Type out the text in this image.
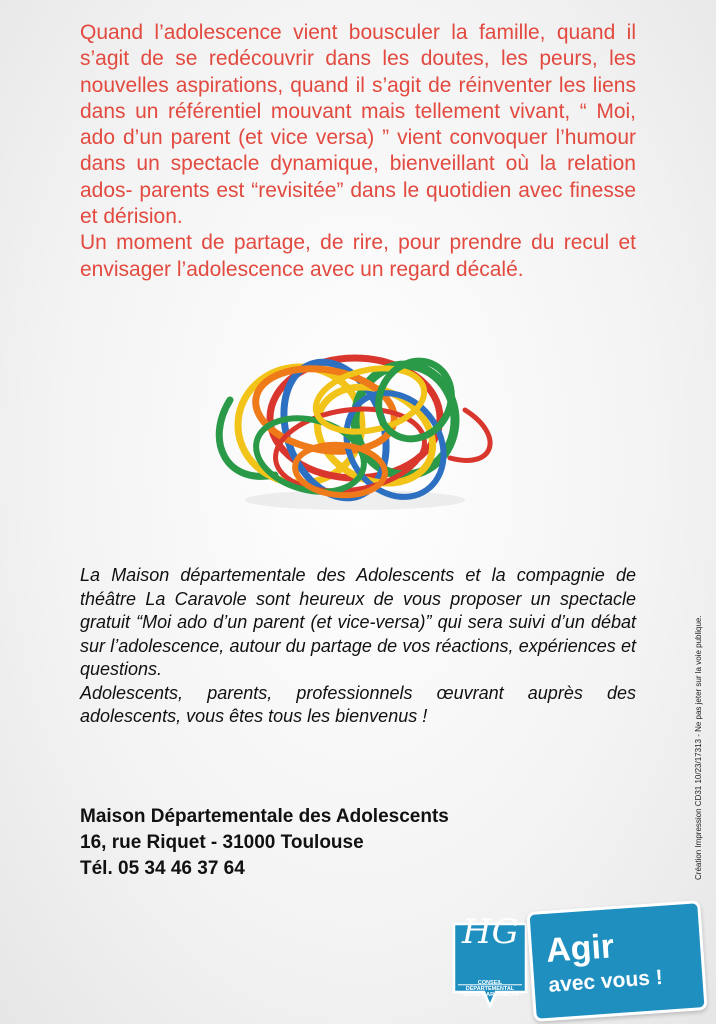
Quand l’adolescence vient bousculer la famille, quand il s’agit de se redécouvrir dans les doutes, les peurs, les nouvelles aspirations, quand il s’agit de réinventer les liens dans un référentiel mouvant mais tellement vivant, “ Moi, ado d’un parent (et vice versa) ” vient convoquer l’humour dans un spectacle dynamique, bienveillant où la relation ados- parents est “revisitée” dans le quotidien avec finesse et dérision.

Un moment de partage, de rire, pour prendre du recul et envisager l’adolescence avec un regard décalé.

La Maison départementale des Adolescents et la compagnie de théâtre La Caravole sont heureux de vous proposer un spectacle gratuit “Moi ado d’un parent (et vice-versa)” qui sera suivi d’un débat sur l’adolescence, autour du partage de vos réactions, expériences et questions.

Adolescents, parents, professionnels œuvrant auprès des adolescents, vous êtes tous les bienvenus !

Maison Départementale des Adolescents
16, rue Riquet - 31000 Toulouse
Tél. 05 34 46 37 64	Création Impression CD31 10/23/17313 - Ne pas jeter sur la voie publique.
HG
CONSEIL DÉPARTEMENTAL
HAUTE-GARONNE.FR
Agir
avec vous !
